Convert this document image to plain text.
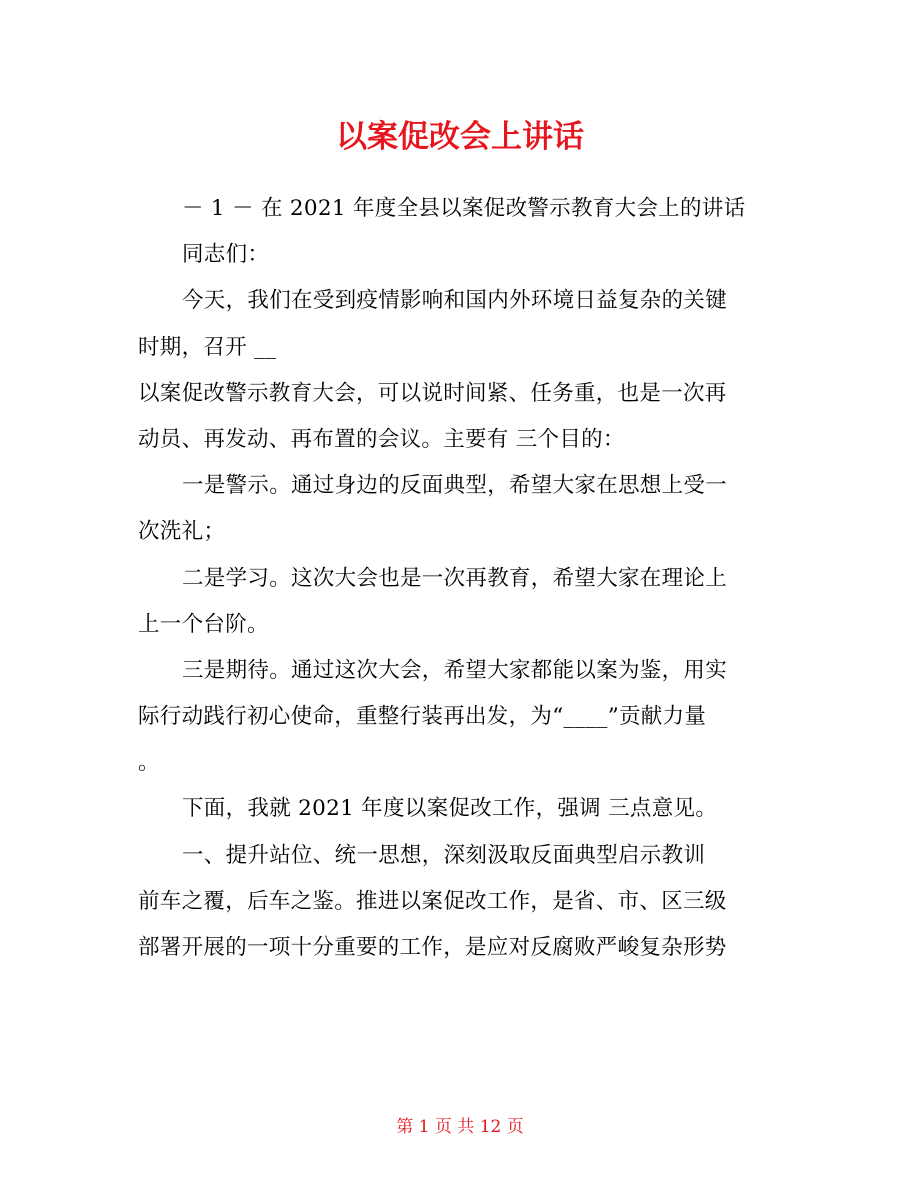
以案促改会上讲话
－ 1 － 在 2021 年度全县以案促改警示教育大会上的讲话
同志们：
今天，我们在受到疫情影响和国内外环境日益复杂的关键
时期，召开 __
以案促改警示教育大会，可以说时间紧、任务重，也是一次再
动员、再发动、再布置的会议。主要有 三个目的：
一是警示。通过身边的反面典型，希望大家在思想上受一
次洗礼；
二是学习。这次大会也是一次再教育，希望大家在理论上
上一个台阶。
三是期待。通过这次大会，希望大家都能以案为鉴，用实
际行动践行初心使命，重整行装再出发，为“____”贡献力量
。
下面，我就 2021 年度以案促改工作，强调 三点意见。
一、提升站位、统一思想，深刻汲取反面典型启示教训
前车之覆，后车之鉴。推进以案促改工作，是省、市、区三级
部署开展的一项十分重要的工作，是应对反腐败严峻复杂形势
第 1 页 共 12 页
